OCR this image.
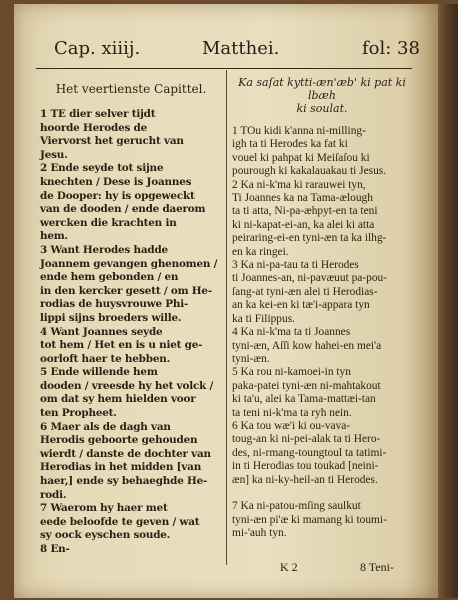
Cap. xiiij.	Matthei.	fol: 38
Het veertienste Capittel.
1 TE dier selver tijdt
hoorde Herodes de
Viervorst het gerucht van
Jesu.
2 Ende seyde tot sijne
knechten / Dese is Joannes
de Dooper: hy is opgeweckt
van de dooden / ende daerom
wercken die krachten in
hem.
3 Want Herodes hadde
Joannem gevangen ghenomen /
ende hem gebonden / en
in den kercker gesett / om He-
rodias de huysvrouwe Phi-
lippi sijns broeders wille.
4 Want Joannes seyde
tot hem / Het en is u niet ge-
oorloft haer te hebben.
5 Ende willende hem
dooden / vreesde hy het volck /
om dat sy hem hielden voor
ten Propheet.
6 Maer als de dagh van
Herodis geboorte gehouden
wierdt / danste de dochter van
Herodias in het midden [van
haer,] ende sy behaeghde He-
rodi.
7 Waerom hy haer met
eede beloofde te geven / wat
sy oock eyschen soude.
8 En-
Ka saſat kytti-æn'æb' ki pat ki lbæh
ki soulat.
1 TOu kidi k'anna ni-milling-
igh ta ti Herodes ka fat ki
vouel ki pahpat ki Meiſaſou ki
pourough ki kakalauakau ti Jesus.
2 Ka ni-k'ma ki rarauwei tyn,
Ti Joannes ka na Tama-ælough
ta ti atta, Ni-pa-æhpyt-en ta teni
ki ni-kapat-ei-an, ka alei ki atta
peiraring-ei-en tyni-æn ta ka ilhg-
en ka ringei.
3 Ka ni-pa-tau ta ti Herodes
ti Joannes-an, ni-pavæuut pa-pou-
ſang-at tyni-æn alei ti Herodias-
an ka kei-en ki tæ'i-appara tyn
ka ti Filippus.
4 Ka ni-k'ma ta ti Joannes
tyni-æn, Aſſi kow hahei-en mei'a
tyni-æn.
5 Ka rou ni-kamoei-in tyn
paka-patei tyni-æn ni-mahtakout
ki ta'u, alei ka Tama-mattæi-tan
ta teni ni-k'ma ta ryh nein.
6 Ka tou wæ'i ki ou-vava-
toug-an ki ni-pei-alak ta ti Hero-
des, ni-rmang-toungtoul ta tatimi-
in ti Herodias tou toukad [neini-
æn] ka ni-ky-heil-an ti Herodes.

7 Ka ni-patou-mſing saulkut
tyni-æn pi'æ ki mamang ki toumi-
mi-'auh tyn.
K 2	8 Teni-
